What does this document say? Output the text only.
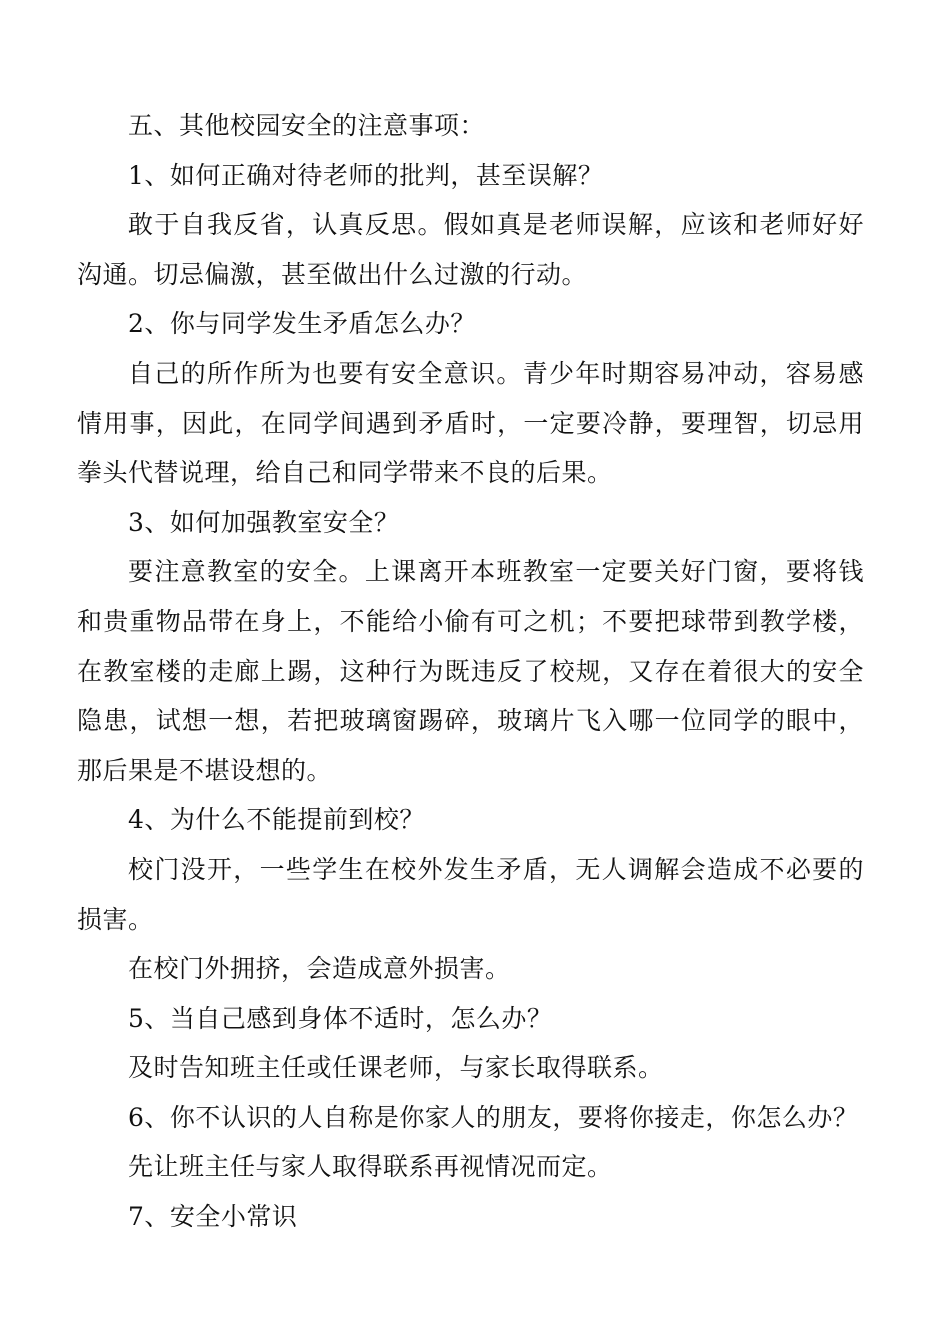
五、其他校园安全的注意事项：

1、如何正确对待老师的批判，甚至误解？

敢于自我反省，认真反思。假如真是老师误解，应该和老师好好沟通。切忌偏激，甚至做出什么过激的行动。

2、你与同学发生矛盾怎么办？

自己的所作所为也要有安全意识。青少年时期容易冲动，容易感情用事，因此，在同学间遇到矛盾时，一定要冷静，要理智，切忌用拳头代替说理，给自己和同学带来不良的后果。

3、如何加强教室安全？

要注意教室的安全。上课离开本班教室一定要关好门窗，要将钱和贵重物品带在身上，不能给小偷有可之机；不要把球带到教学楼，在教室楼的走廊上踢，这种行为既违反了校规，又存在着很大的安全隐患，试想一想，若把玻璃窗踢碎，玻璃片飞入哪一位同学的眼中，那后果是不堪设想的。

4、为什么不能提前到校？

校门没开，一些学生在校外发生矛盾，无人调解会造成不必要的损害。

在校门外拥挤，会造成意外损害。

5、当自己感到身体不适时，怎么办？

及时告知班主任或任课老师，与家长取得联系。

6、你不认识的人自称是你家人的朋友，要将你接走，你怎么办？

先让班主任与家人取得联系再视情况而定。

7、安全小常识
